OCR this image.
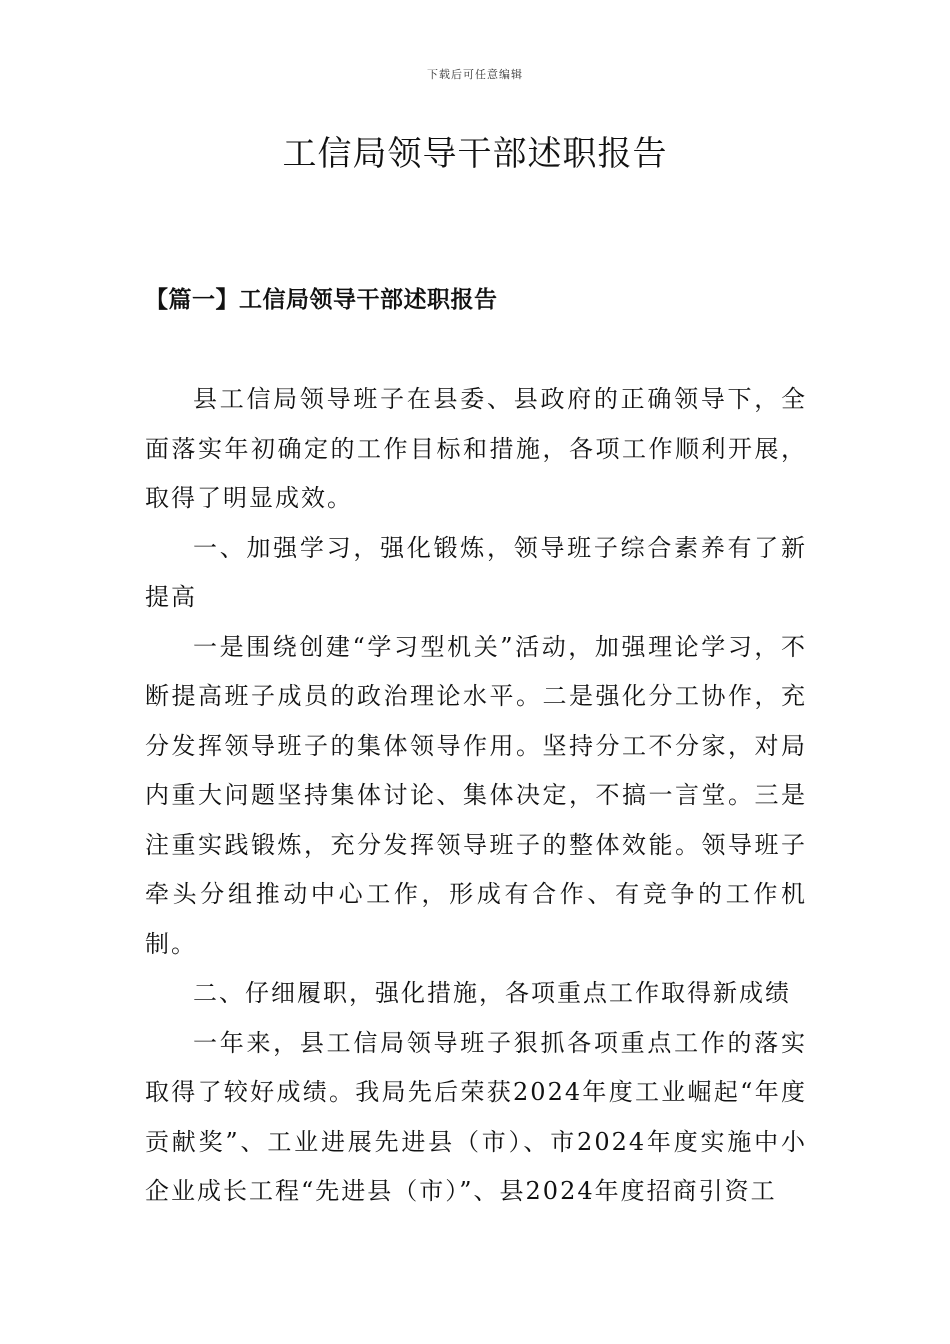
下载后可任意编辑
工信局领导干部述职报告
【篇一】工信局领导干部述职报告

县工信局领导班子在县委、县政府的正确领导下，全面落实年初确定的工作目标和措施，各项工作顺利开展，取得了明显成效。

一、加强学习，强化锻炼，领导班子综合素养有了新提高

一是围绕创建“学习型机关”活动，加强理论学习，不断提高班子成员的政治理论水平。二是强化分工协作，充分发挥领导班子的集体领导作用。坚持分工不分家，对局内重大问题坚持集体讨论、集体决定，不搞一言堂。三是注重实践锻炼，充分发挥领导班子的整体效能。领导班子牵头分组推动中心工作，形成有合作、有竞争的工作机制。

二、仔细履职，强化措施，各项重点工作取得新成绩

一年来，县工信局领导班子狠抓各项重点工作的落实取得了较好成绩。我局先后荣获2024年度工业崛起“年度贡献奖”、工业进展先进县（市）、市2024年度实施中小企业成长工程“先进县（市）”、县2024年度招商引资工
